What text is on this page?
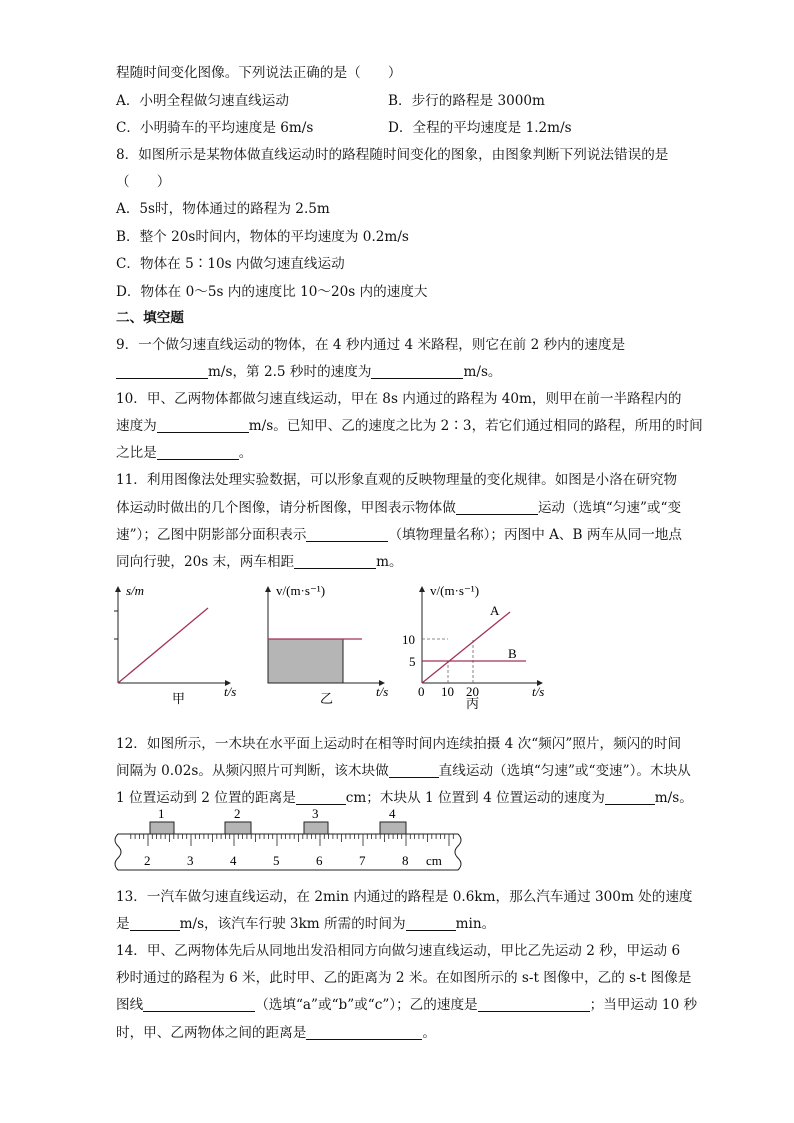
程随时间变化图像。下列说法正确的是（　　）
A．小明全程做匀速直线运动	B．步行的路程是 3000m
C．小明骑车的平均速度是 6m/s	D．全程的平均速度是 1.2m/s
8．如图所示是某物体做直线运动时的路程随时间变化的图象，由图象判断下列说法错误的是
（　　）
A．5s时，物体通过的路程为 2.5m
B．整个 20s时间内，物体的平均速度为 0.2m/s
C．物体在 5∶10s 内做匀速直线运动
D．物体在 0～5s 内的速度比 10～20s 内的速度大
二、填空题
9．一个做匀速直线运动的物体，在 4 秒内通过 4 米路程，则它在前 2 秒内的速度是
m/s，第 2.5 秒时的速度为	m/s。
10．甲、乙两物体都做匀速直线运动，甲在 8s 内通过的路程为 40m，则甲在前一半路程内的
速度为	m/s。已知甲、乙的速度之比为 2∶3，若它们通过相同的路程，所用的时间
之比是	。
11．利用图像法处理实验数据，可以形象直观的反映物理量的变化规律。如图是小洛在研究物
体运动时做出的几个图像，请分析图像，甲图表示物体做	运动（选填“匀速”或“变
速”）；乙图中阴影部分面积表示	（填物理量名称）；丙图中 A、B 两车从同一地点
同向行驶，20s 末，两车相距	m。
s/m
t/s
甲
v/(m·s⁻¹)
t/s
乙
v/(m·s⁻¹)
A
B
10
5
0 10 20	t/s
丙
12．如图所示，一木块在水平面上运动时在相等时间内连续拍摄 4 次“频闪”照片，频闪的时间
间隔为 0.02s。从频闪照片可判断，该木块做	直线运动（选填“匀速”或“变速”）。木块从
1 位置运动到 2 位置的距离是	cm；木块从 1 位置到 4 位置运动的速度为	m/s。
1	2	3	4
2	3	4	5	6	7	8 cm
13．一汽车做匀速直线运动，在 2min 内通过的路程是 0.6km，那么汽车通过 300m 处的速度
是	m/s，该汽车行驶 3km 所需的时间为	min。
14．甲、乙两物体先后从同地出发沿相同方向做匀速直线运动，甲比乙先运动 2 秒，甲运动 6
秒时通过的路程为 6 米，此时甲、乙的距离为 2 米。在如图所示的 s-t 图像中，乙的 s-t 图像是
图线	（选填“a”或“b”或“c”）；乙的速度是	；当甲运动 10 秒
时，甲、乙两物体之间的距离是	。
